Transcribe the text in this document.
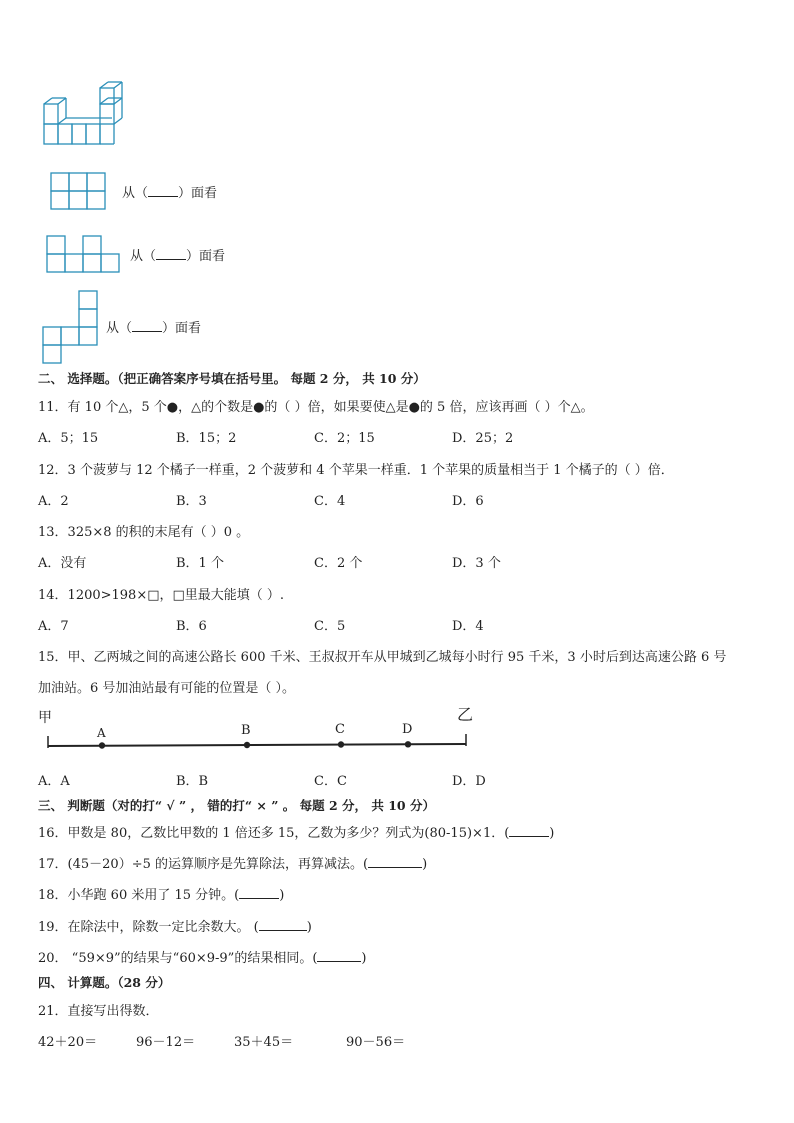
从（ ）面看
从（ ）面看
从（ ）面看
二、 选择题。（把正确答案序号填在括号里。 每题 2 分， 共 10 分）
11．有 10 个△，5 个●，△的个数是●的（ ）倍，如果要使△是●的 5 倍，应该再画（ ）个△。
A．5；15	B．15；2	C．2；15	D．25；2
12．3 个菠萝与 12 个橘子一样重，2 个菠萝和 4 个苹果一样重．1 个苹果的质量相当于 1 个橘子的（ ）倍．
A．2	B．3	C．4	D．6
13．325×8 的积的末尾有（ ）0 。
A．没有	B．1 个	C．2 个	D．3 个
14．1200>198×□，□里最大能填（ ）.
A．7	B．6	C．5	D．4
15．甲、乙两城之间的高速公路长 600 千米、王叔叔开车从甲城到乙城每小时行 95 千米，3 小时后到达高速公路 6 号
加油站。6 号加油站最有可能的位置是（ ）。
甲	乙
A	B	C	D
A．A	B．B	C．C	D．D
三、 判断题（对的打“ √ ” ， 错的打“ × ” 。 每题 2 分， 共 10 分）
16．甲数是 80，乙数比甲数的 1 倍还多 15，乙数为多少？列式为(80-15)×1．(	)
17．(45－20）÷5 的运算顺序是先算除法，再算减法。(	)
18．小华跑 60 米用了 15 分钟。(	)
19．在除法中，除数一定比余数大。 (	)
20． “59×9”的结果与“60×9-9”的结果相同。(	)
四、 计算题。（28 分）
21．直接写出得数．
42＋20＝	96－12＝	35＋45＝	90－56＝
